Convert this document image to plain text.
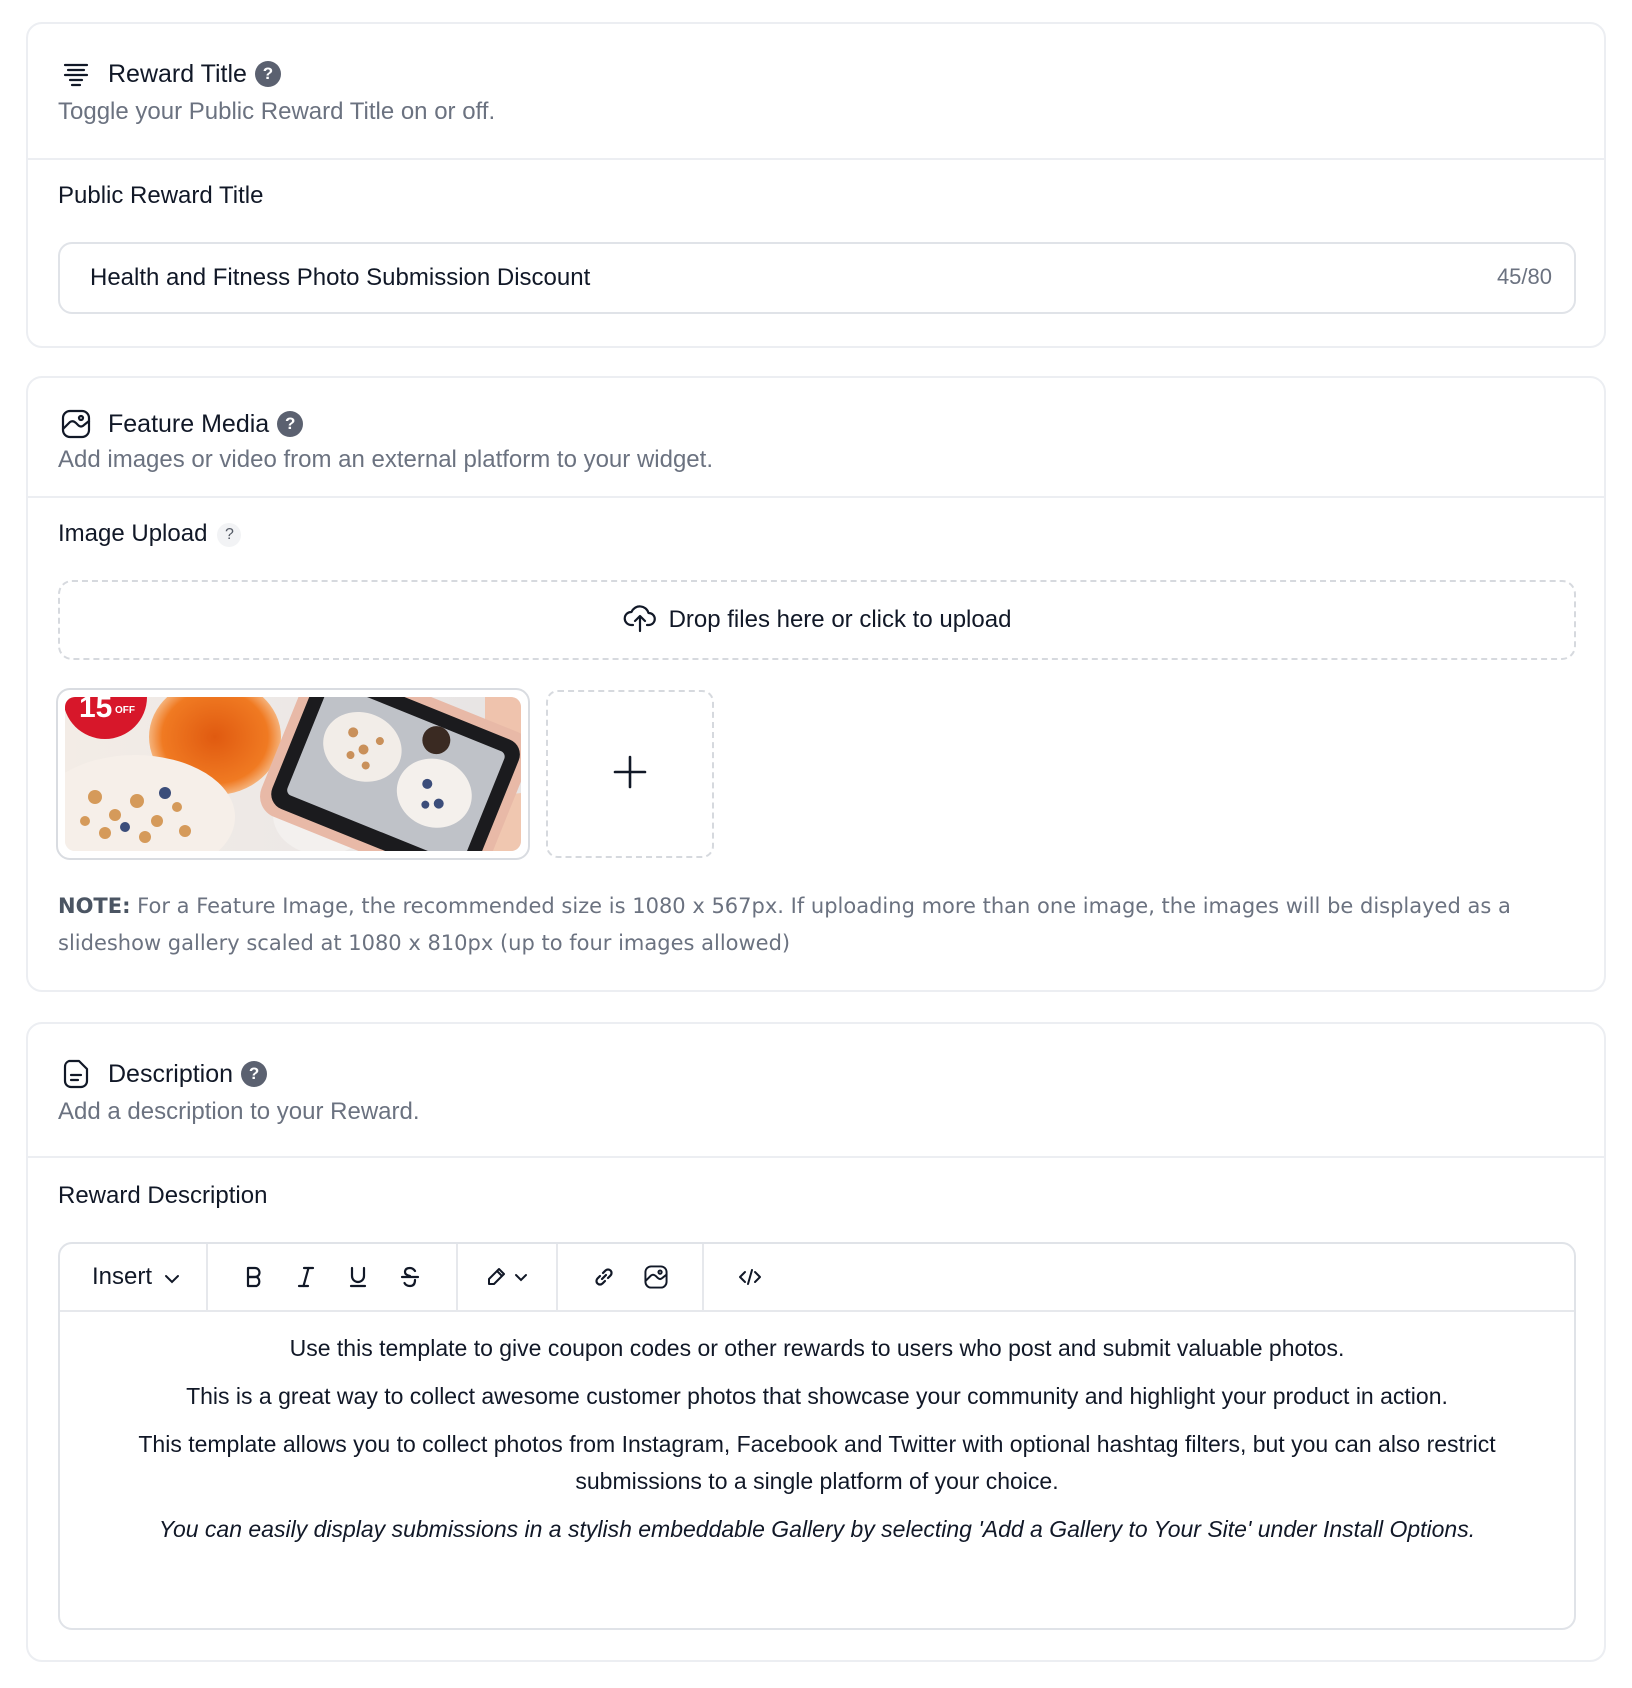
Reward Title ?
Toggle your Public Reward Title on or off.
Public Reward Title
Health and Fitness Photo Submission Discount	45/80
Feature Media ?
Add images or video from an external platform to your widget.
Image Upload ?
Drop files here or click to upload
15 OFF
NOTE: For a Feature Image, the recommended size is 1080 x 567px. If uploading more than one image, the images will be displayed as a slideshow gallery scaled at 1080 x 810px (up to four images allowed)
Description ?
Add a description to your Reward.
Reward Description
Insert

Use this template to give coupon codes or other rewards to users who post and submit valuable photos.

This is a great way to collect awesome customer photos that showcase your community and highlight your product in action.

This template allows you to collect photos from Instagram, Facebook and Twitter with optional hashtag filters, but you can also restrict submissions to a single platform of your choice.

You can easily display submissions in a stylish embeddable Gallery by selecting 'Add a Gallery to Your Site' under Install Options.
